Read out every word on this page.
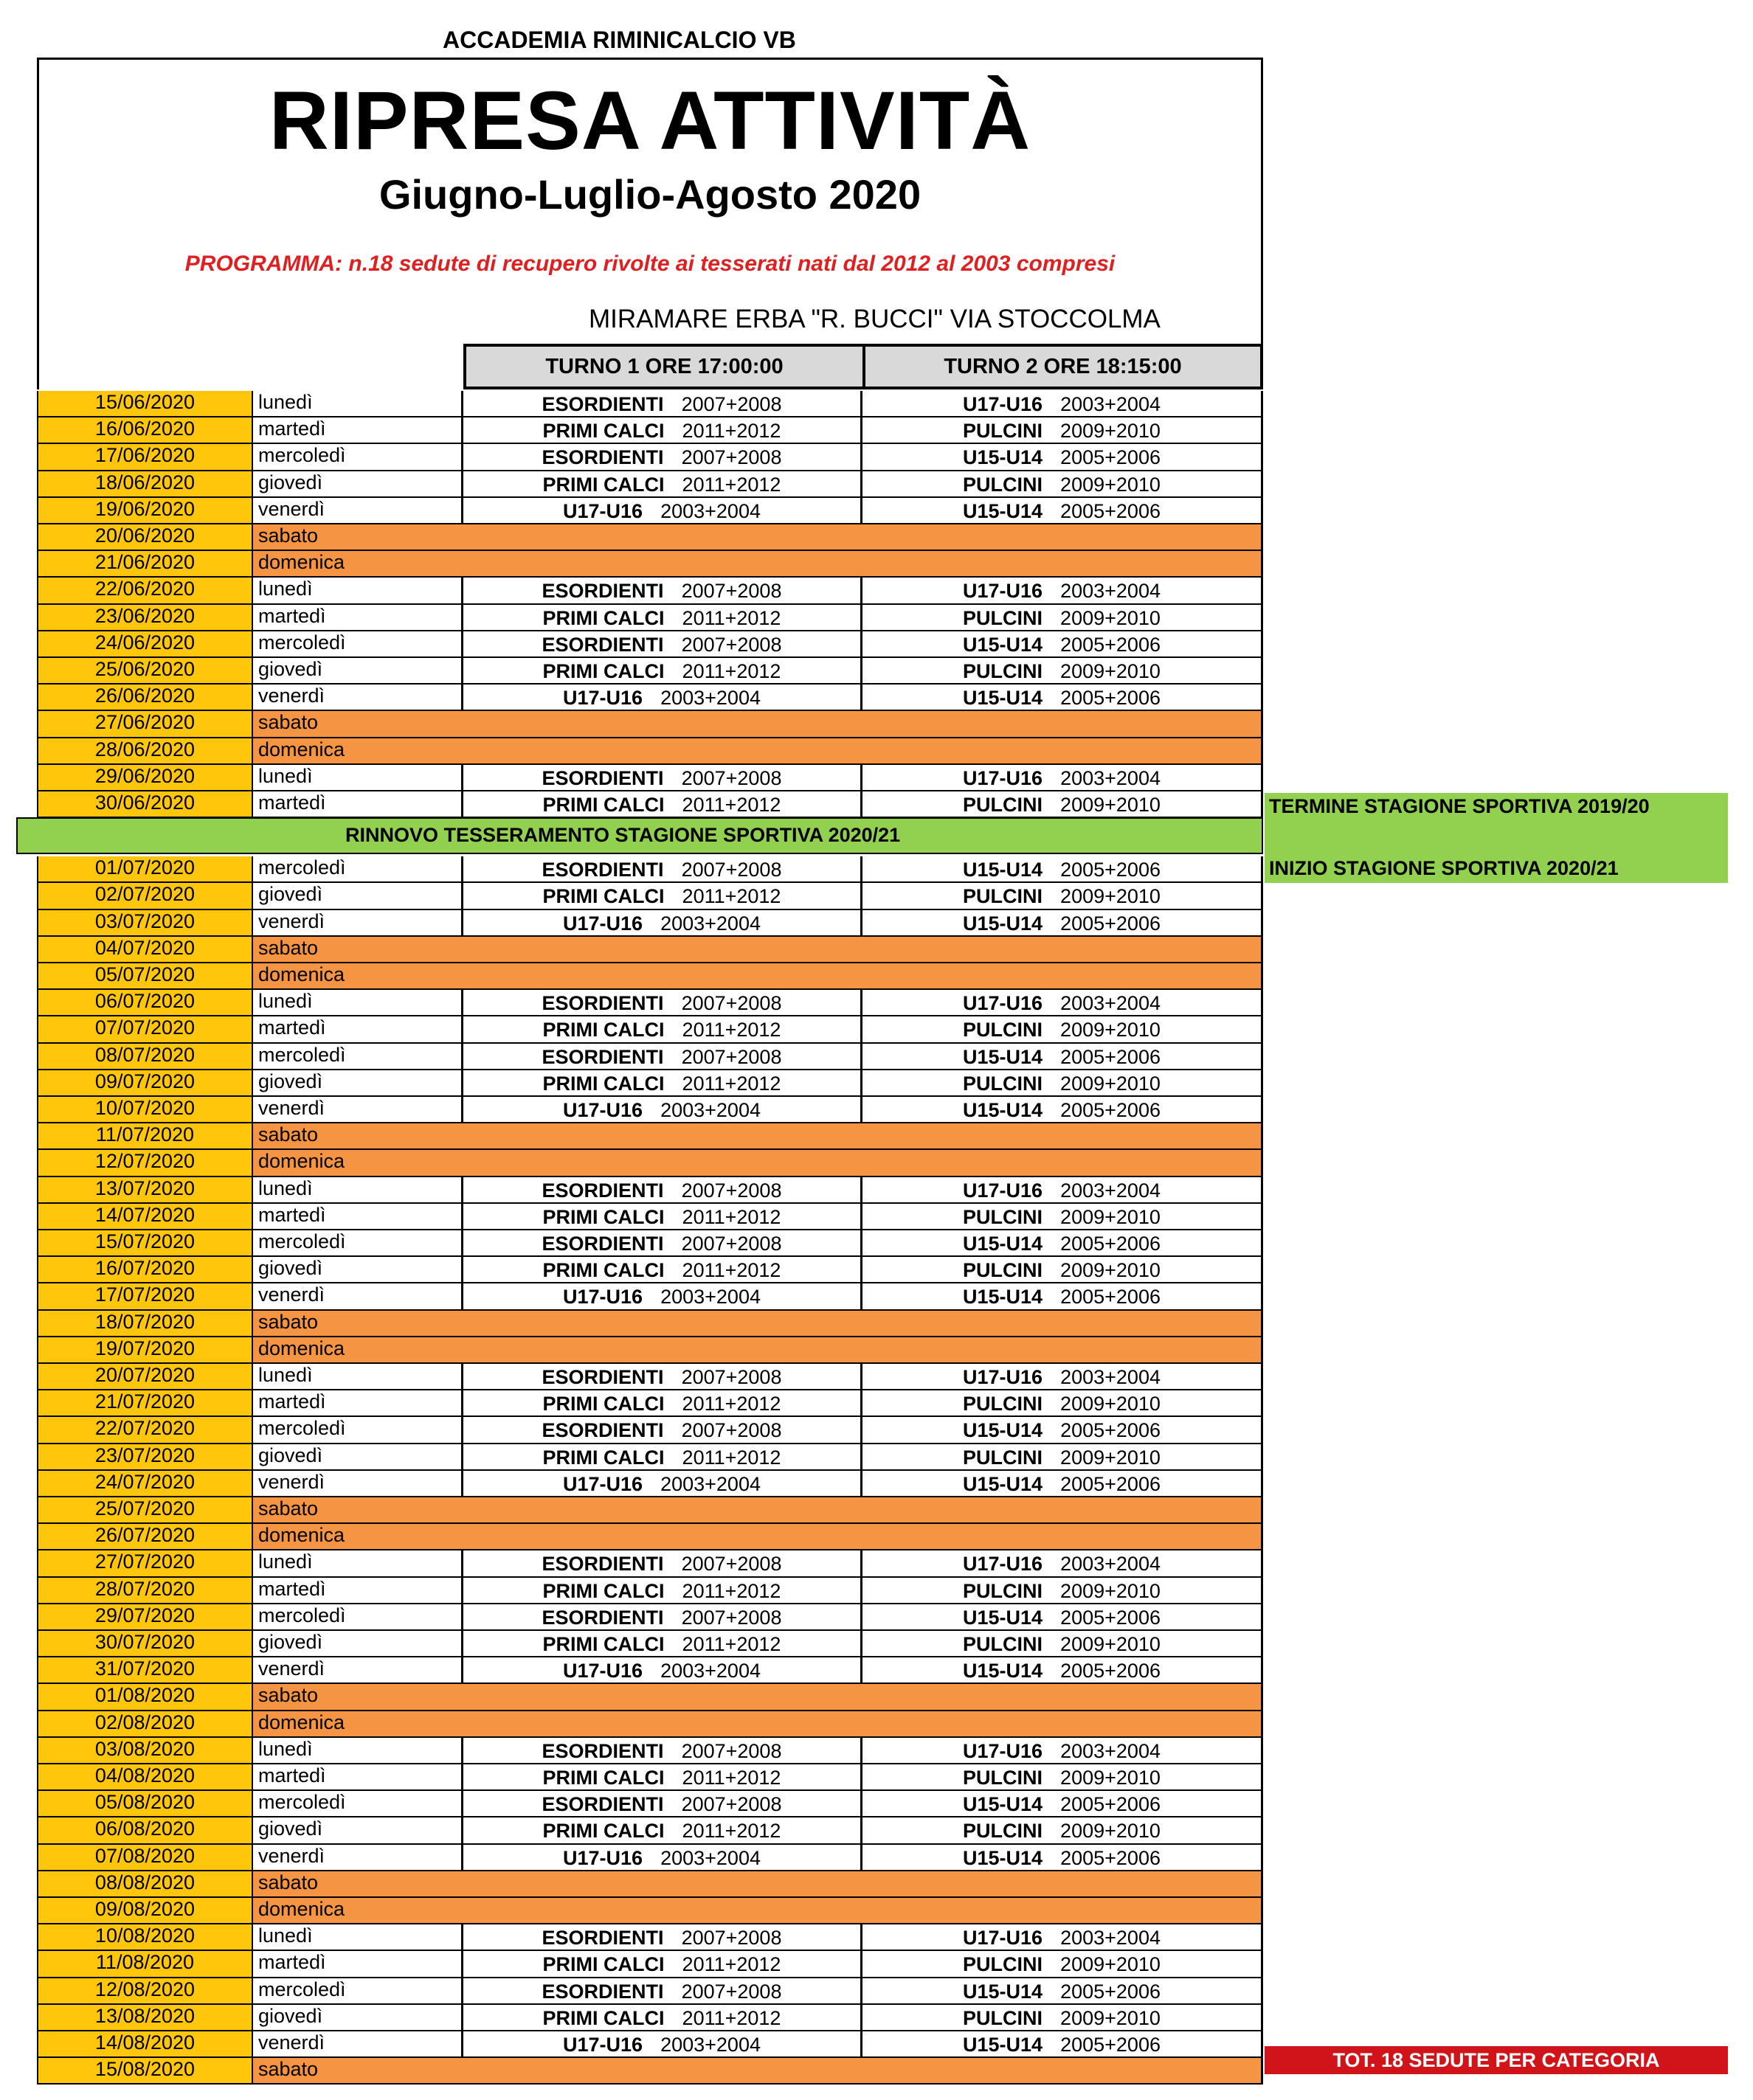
ACCADEMIA RIMINICALCIO VB
RIPRESA ATTIVITÀ
Giugno-Luglio-Agosto 2020
PROGRAMMA: n.18 sedute di recupero rivolte ai tesserati nati dal 2012 al 2003 compresi
MIRAMARE ERBA "R. BUCCI" VIA STOCCOLMA
TURNO 1 ORE 17:00:00	TURNO 2 ORE 18:15:00
15/06/2020	lunedì	ESORDIENTI 2007+2008	U17-U16 2003+2004
16/06/2020	martedì	PRIMI CALCI 2011+2012	PULCINI 2009+2010
17/06/2020	mercoledì	ESORDIENTI 2007+2008	U15-U14 2005+2006
18/06/2020	giovedì	PRIMI CALCI 2011+2012	PULCINI 2009+2010
19/06/2020	venerdì	U17-U16 2003+2004	U15-U14 2005+2006
20/06/2020	sabato
21/06/2020	domenica
22/06/2020	lunedì	ESORDIENTI 2007+2008	U17-U16 2003+2004
23/06/2020	martedì	PRIMI CALCI 2011+2012	PULCINI 2009+2010
24/06/2020	mercoledì	ESORDIENTI 2007+2008	U15-U14 2005+2006
25/06/2020	giovedì	PRIMI CALCI 2011+2012	PULCINI 2009+2010
26/06/2020	venerdì	U17-U16 2003+2004	U15-U14 2005+2006
27/06/2020	sabato
28/06/2020	domenica
29/06/2020	lunedì	ESORDIENTI 2007+2008	U17-U16 2003+2004
30/06/2020	martedì	PRIMI CALCI 2011+2012	PULCINI 2009+2010
01/07/2020	mercoledì	ESORDIENTI 2007+2008	U15-U14 2005+2006
02/07/2020	giovedì	PRIMI CALCI 2011+2012	PULCINI 2009+2010
03/07/2020	venerdì	U17-U16 2003+2004	U15-U14 2005+2006
04/07/2020	sabato
05/07/2020	domenica
06/07/2020	lunedì	ESORDIENTI 2007+2008	U17-U16 2003+2004
07/07/2020	martedì	PRIMI CALCI 2011+2012	PULCINI 2009+2010
08/07/2020	mercoledì	ESORDIENTI 2007+2008	U15-U14 2005+2006
09/07/2020	giovedì	PRIMI CALCI 2011+2012	PULCINI 2009+2010
10/07/2020	venerdì	U17-U16 2003+2004	U15-U14 2005+2006
11/07/2020	sabato
12/07/2020	domenica
13/07/2020	lunedì	ESORDIENTI 2007+2008	U17-U16 2003+2004
14/07/2020	martedì	PRIMI CALCI 2011+2012	PULCINI 2009+2010
15/07/2020	mercoledì	ESORDIENTI 2007+2008	U15-U14 2005+2006
16/07/2020	giovedì	PRIMI CALCI 2011+2012	PULCINI 2009+2010
17/07/2020	venerdì	U17-U16 2003+2004	U15-U14 2005+2006
18/07/2020	sabato
19/07/2020	domenica
20/07/2020	lunedì	ESORDIENTI 2007+2008	U17-U16 2003+2004
21/07/2020	martedì	PRIMI CALCI 2011+2012	PULCINI 2009+2010
22/07/2020	mercoledì	ESORDIENTI 2007+2008	U15-U14 2005+2006
23/07/2020	giovedì	PRIMI CALCI 2011+2012	PULCINI 2009+2010
24/07/2020	venerdì	U17-U16 2003+2004	U15-U14 2005+2006
25/07/2020	sabato
26/07/2020	domenica
27/07/2020	lunedì	ESORDIENTI 2007+2008	U17-U16 2003+2004
28/07/2020	martedì	PRIMI CALCI 2011+2012	PULCINI 2009+2010
29/07/2020	mercoledì	ESORDIENTI 2007+2008	U15-U14 2005+2006
30/07/2020	giovedì	PRIMI CALCI 2011+2012	PULCINI 2009+2010
31/07/2020	venerdì	U17-U16 2003+2004	U15-U14 2005+2006
01/08/2020	sabato
02/08/2020	domenica
03/08/2020	lunedì	ESORDIENTI 2007+2008	U17-U16 2003+2004
04/08/2020	martedì	PRIMI CALCI 2011+2012	PULCINI 2009+2010
05/08/2020	mercoledì	ESORDIENTI 2007+2008	U15-U14 2005+2006
06/08/2020	giovedì	PRIMI CALCI 2011+2012	PULCINI 2009+2010
07/08/2020	venerdì	U17-U16 2003+2004	U15-U14 2005+2006
08/08/2020	sabato
09/08/2020	domenica
10/08/2020	lunedì	ESORDIENTI 2007+2008	U17-U16 2003+2004
11/08/2020	martedì	PRIMI CALCI 2011+2012	PULCINI 2009+2010
12/08/2020	mercoledì	ESORDIENTI 2007+2008	U15-U14 2005+2006
13/08/2020	giovedì	PRIMI CALCI 2011+2012	PULCINI 2009+2010
14/08/2020	venerdì	U17-U16 2003+2004	U15-U14 2005+2006
15/08/2020	sabato
RINNOVO TESSERAMENTO STAGIONE SPORTIVA 2020/21
TERMINE STAGIONE SPORTIVA 2019/20
INIZIO STAGIONE SPORTIVA 2020/21
TOT. 18 SEDUTE PER CATEGORIA
